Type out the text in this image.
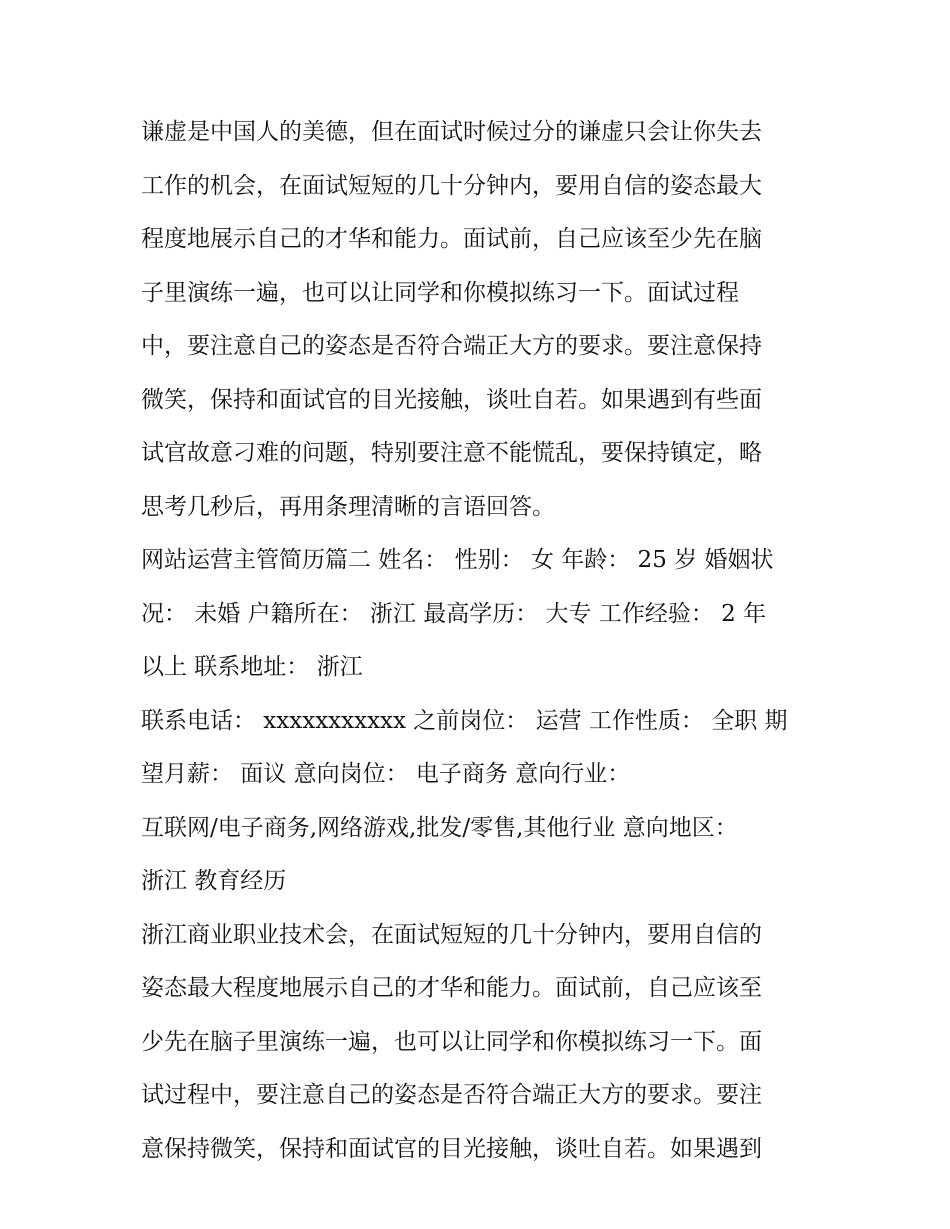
谦虚是中国人的美德，但在面试时候过分的谦虚只会让你失去
工作的机会，在面试短短的几十分钟内，要用自信的姿态最大
程度地展示自己的才华和能力。面试前，自己应该至少先在脑
子里演练一遍，也可以让同学和你模拟练习一下。面试过程
中，要注意自己的姿态是否符合端正大方的要求。要注意保持
微笑，保持和面试官的目光接触，谈吐自若。如果遇到有些面
试官故意刁难的问题，特别要注意不能慌乱，要保持镇定，略
思考几秒后，再用条理清晰的言语回答。
网站运营主管简历篇二 姓名： 性别： 女 年龄： 25 岁 婚姻状
况： 未婚 户籍所在： 浙江 最高学历： 大专 工作经验： 2 年
以上 联系地址： 浙江
联系电话： xxxxxxxxxxx 之前岗位： 运营 工作性质： 全职 期
望月薪： 面议 意向岗位： 电子商务 意向行业：
互联网/电子商务,网络游戏,批发/零售,其他行业 意向地区：
浙江 教育经历
浙江商业职业技术会，在面试短短的几十分钟内，要用自信的
姿态最大程度地展示自己的才华和能力。面试前，自己应该至
少先在脑子里演练一遍，也可以让同学和你模拟练习一下。面
试过程中，要注意自己的姿态是否符合端正大方的要求。要注
意保持微笑，保持和面试官的目光接触，谈吐自若。如果遇到
